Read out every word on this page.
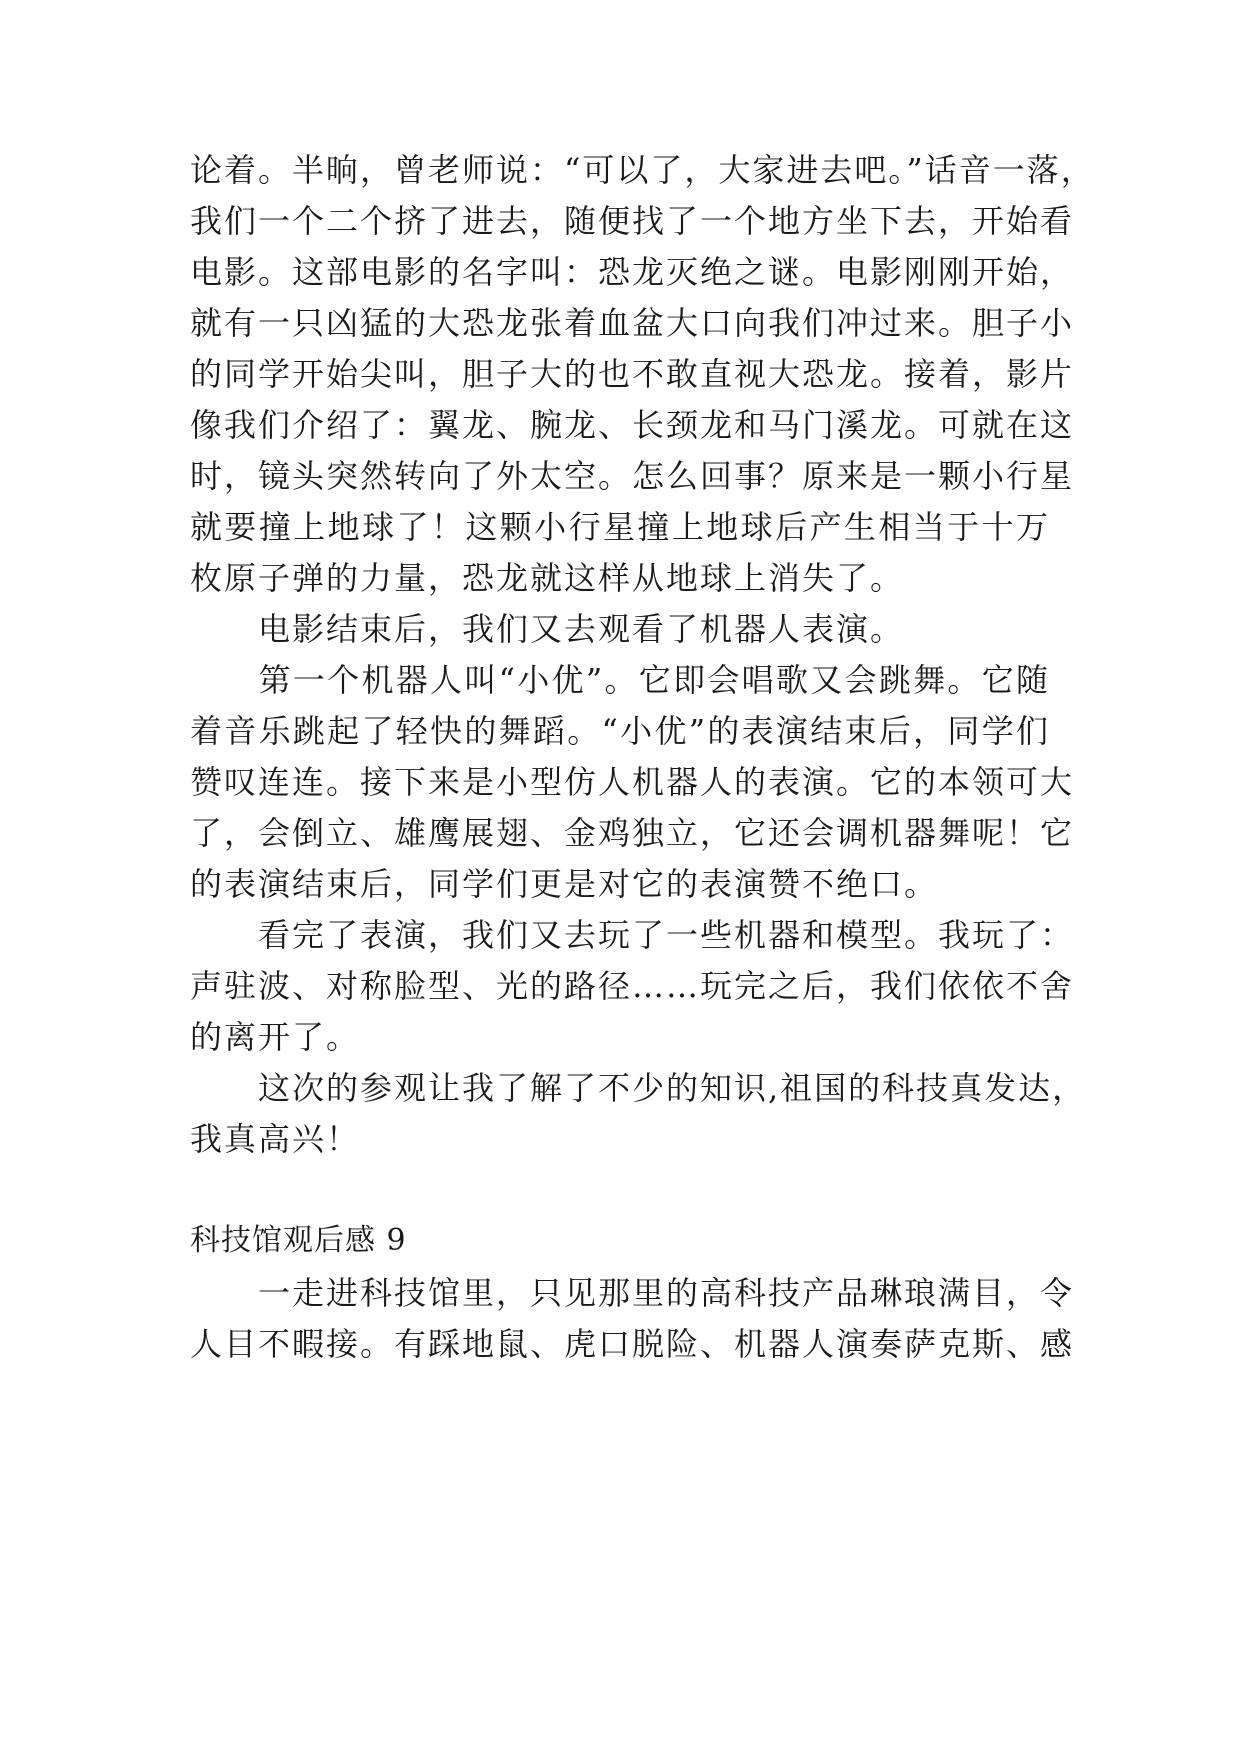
论着。半晌，曾老师说：“可以了，大家进去吧。”话音一落，
我们一个二个挤了进去，随便找了一个地方坐下去，开始看
电影。这部电影的名字叫：恐龙灭绝之谜。电影刚刚开始，
就有一只凶猛的大恐龙张着血盆大口向我们冲过来。胆子小
的同学开始尖叫，胆子大的也不敢直视大恐龙。接着，影片
像我们介绍了：翼龙、腕龙、长颈龙和马门溪龙。可就在这
时，镜头突然转向了外太空。怎么回事？原来是一颗小行星
就要撞上地球了！这颗小行星撞上地球后产生相当于十万
枚原子弹的力量，恐龙就这样从地球上消失了。
　　电影结束后，我们又去观看了机器人表演。
　　第一个机器人叫“小优”。它即会唱歌又会跳舞。它随
着音乐跳起了轻快的舞蹈。“小优”的表演结束后，同学们
赞叹连连。接下来是小型仿人机器人的表演。它的本领可大
了，会倒立、雄鹰展翅、金鸡独立，它还会调机器舞呢！它
的表演结束后，同学们更是对它的表演赞不绝口。
　　看完了表演，我们又去玩了一些机器和模型。我玩了：
声驻波、对称脸型、光的路径……玩完之后，我们依依不舍
的离开了。
　　这次的参观让我了解了不少的知识,祖国的科技真发达，
我真高兴！
科技馆观后感 9
　　一走进科技馆里，只见那里的高科技产品琳琅满目，令
人目不暇接。有踩地鼠、虎口脱险、机器人演奏萨克斯、感
